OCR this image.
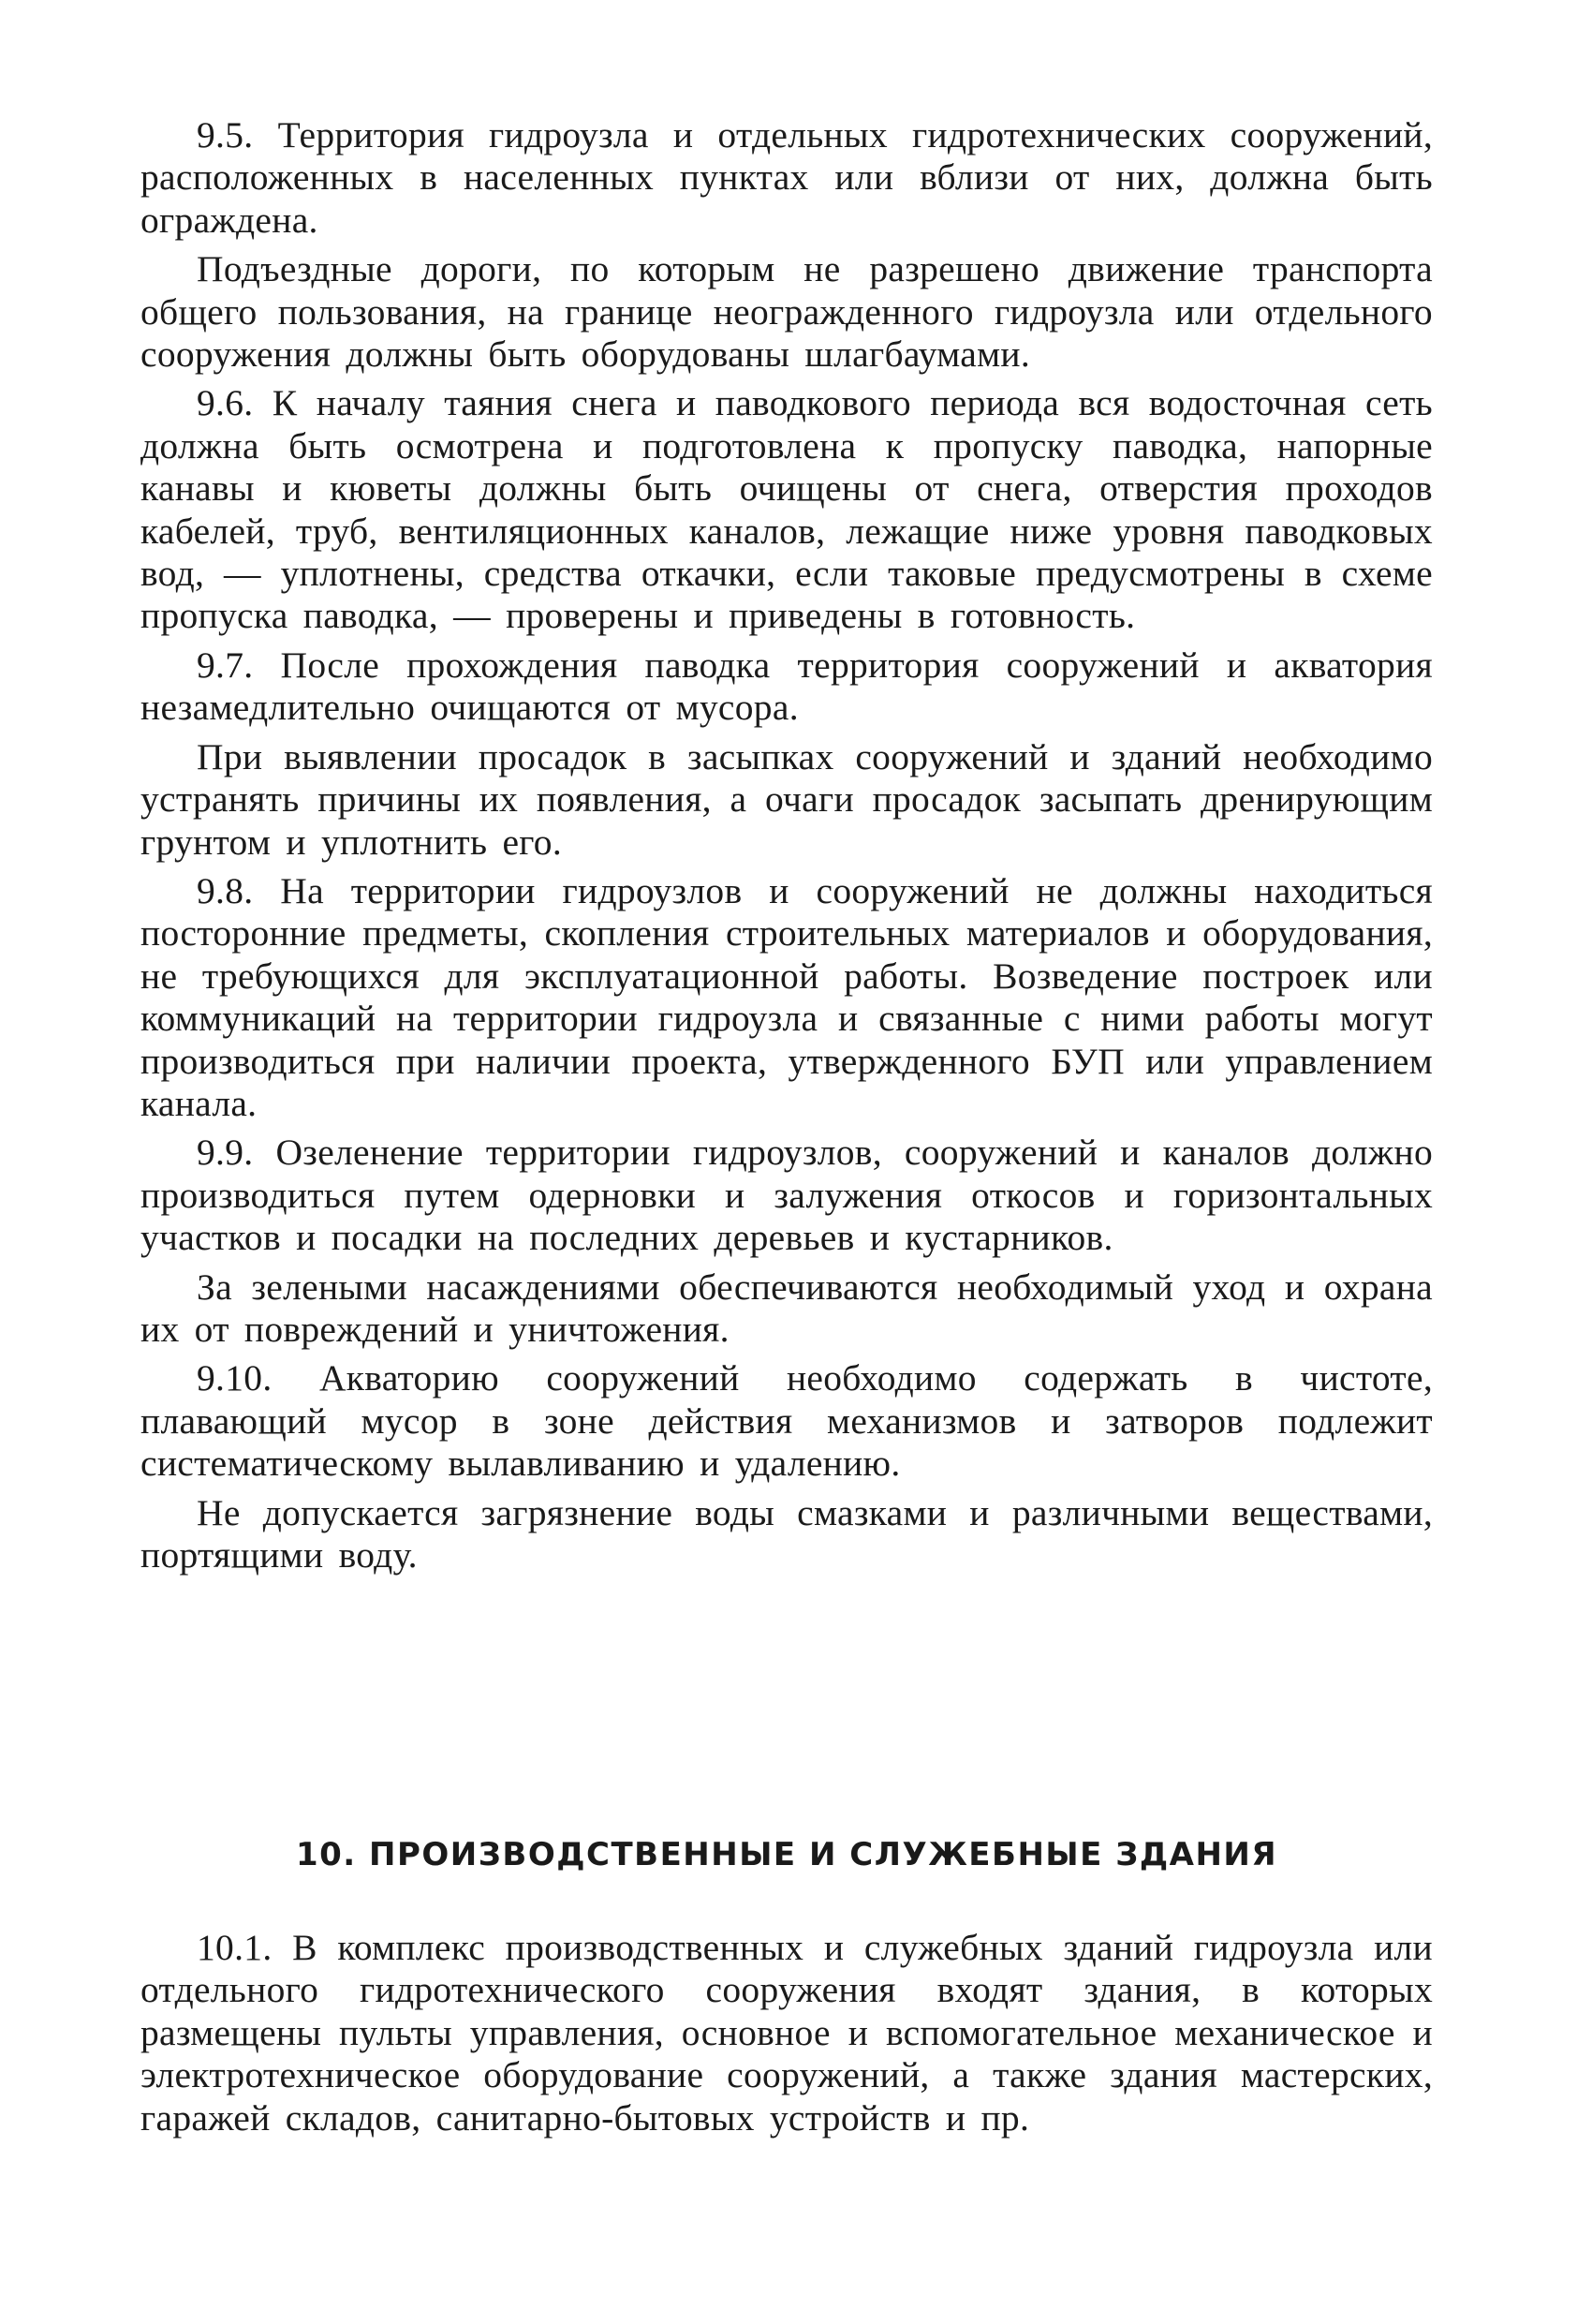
9.5. Территория гидроузла и отдельных гидротехнических сооружений, расположенных в населенных пунктах или вблизи от них, должна быть ограждена.

Подъездные дороги, по которым не разрешено движение транспорта общего пользования, на границе неогражденного гидроузла или отдельного сооружения должны быть оборудованы шлагбаумами.

9.6. К началу таяния снега и паводкового периода вся водосточная сеть должна быть осмотрена и подготовлена к пропуску паводка, напорные канавы и кюветы должны быть очищены от снега, отверстия проходов кабелей, труб, вентиляционных каналов, лежащие ниже уровня паводковых вод, — уплотнены, средства откачки, если таковые предусмотрены в схеме пропуска паводка, — проверены и приведены в готовность.

9.7. После прохождения паводка территория сооружений и акватория незамедлительно очищаются от мусора.

При выявлении просадок в засыпках сооружений и зданий необходимо устранять причины их появления, а очаги просадок засыпать дренирующим грунтом и уплотнить его.

9.8. На территории гидроузлов и сооружений не должны находиться посторонние предметы, скопления строительных материалов и оборудования, не требующихся для эксплуатационной работы. Возведение построек или коммуникаций на территории гидроузла и связанные с ними работы могут производиться при наличии проекта, утвержденного БУП или управлением канала.

9.9. Озеленение территории гидроузлов, сооружений и каналов должно производиться путем одерновки и залужения откосов и горизонтальных участков и посадки на последних деревьев и кустарников.

За зелеными насаждениями обеспечиваются необходимый уход и охрана их от повреждений и уничтожения.

9.10. Акваторию сооружений необходимо содержать в чистоте, плавающий мусор в зоне действия механизмов и затворов подлежит систематическому вылавливанию и удалению.

Не допускается загрязнение воды смазками и различными веществами, портящими воду.

10. ПРОИЗВОДСТВЕННЫЕ И СЛУЖЕБНЫЕ ЗДАНИЯ

10.1. В комплекс производственных и служебных зданий гидроузла или отдельного гидротехнического сооружения входят здания, в которых размещены пульты управления, основное и вспомогательное механическое и электротехническое оборудование сооружений, а также здания мастерских, гаражей складов, санитарно-бытовых устройств и пр.
